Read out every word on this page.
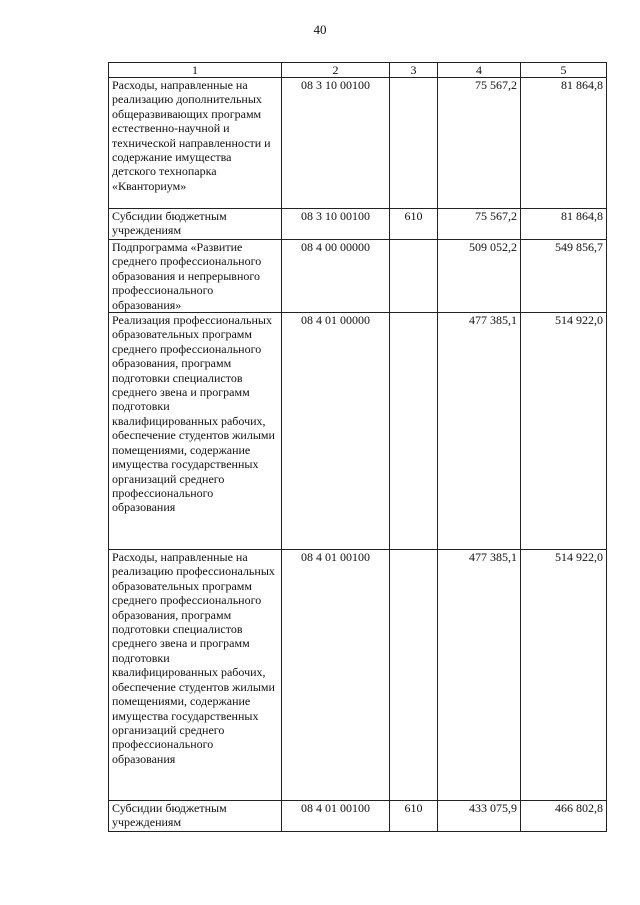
40
1	2	3	4	5
Расходы, направленные на реализацию дополнительных общеразвивающих программ естественно-научной и технической направленности и содержание имущества детского технопарка «Кванториум»	08 3 10 00100		75 567,2	81 864,8
Субсидии бюджетным учреждениям	08 3 10 00100	610	75 567,2	81 864,8
Подпрограмма «Развитие среднего профессионального образования и непрерывного профессионального образования»	08 4 00 00000		509 052,2	549 856,7
Реализация профессиональных образовательных программ среднего профессионального образования, программ подготовки специалистов среднего звена и программ подготовки квалифицированных рабочих, обеспечение студентов жилыми помещениями, содержание имущества государственных организаций среднего профессионального образования	08 4 01 00000		477 385,1	514 922,0
Расходы, направленные на реализацию профессиональных образовательных программ среднего профессионального образования, программ подготовки специалистов среднего звена и программ подготовки квалифицированных рабочих, обеспечение студентов жилыми помещениями, содержание имущества государственных организаций среднего профессионального образования	08 4 01 00100		477 385,1	514 922,0
Субсидии бюджетным учреждениям	08 4 01 00100	610	433 075,9	466 802,8
